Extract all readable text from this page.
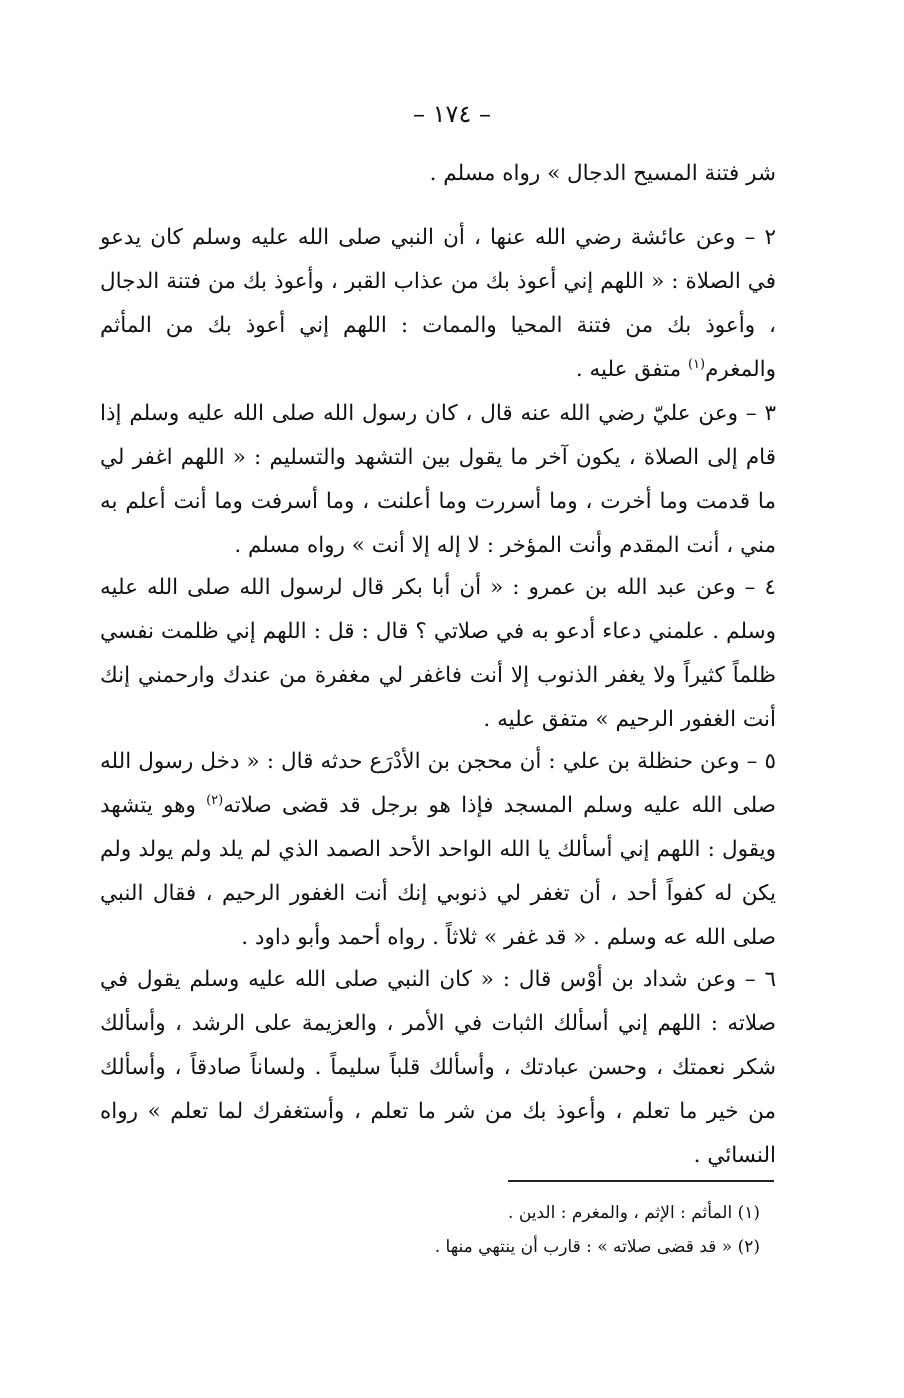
– ١٧٤ –

شر فتنة المسيح الدجال » رواه مسلم .

٢ – وعن عائشة رضي الله عنها ، أن النبي صلى الله عليه وسلم كان يدعو في الصلاة : « اللهم إني أعوذ بك من عذاب القبر ، وأعوذ بك من فتنة الدجال ، وأعوذ بك من فتنة المحيا والممات : اللهم إني أعوذ بك من المأثم والمغرم$^{(١)}$ متفق عليه .

٣ – وعن عليّ رضي الله عنه قال ، كان رسول الله صلى الله عليه وسلم إذا قام إلى الصلاة ، يكون آخر ما يقول بين التشهد والتسليم : « اللهم اغفر لي ما قدمت وما أخرت ، وما أسررت وما أعلنت ، وما أسرفت وما أنت أعلم به مني ، أنت المقدم وأنت المؤخر : لا إله إلا أنت » رواه مسلم .

٤ – وعن عبد الله بن عمرو : « أن أبا بكر قال لرسول الله صلى الله عليه وسلم . علمني دعاء أدعو به في صلاتي ؟ قال : قل : اللهم إني ظلمت نفسي ظلماً كثيراً ولا يغفر الذنوب إلا أنت فاغفر لي مغفرة من عندك وارحمني إنك أنت الغفور الرحيم » متفق عليه .

٥ – وعن حنظلة بن علي : أن محجن بن الأدْرَع حدثه قال : « دخل رسول الله صلى الله عليه وسلم المسجد فإذا هو برجل قد قضى صلاته$^{(٢)}$ وهو يتشهد ويقول : اللهم إني أسألك يا الله الواحد الأحد الصمد الذي لم يلد ولم يولد ولم يكن له كفواً أحد ، أن تغفر لي ذنوبي إنك أنت الغفور الرحيم ، فقال النبي صلى الله عه وسلم . « قد غفر » ثلاثاً . رواه أحمد وأبو داود .

٦ – وعن شداد بن أوْس قال : « كان النبي صلى الله عليه وسلم يقول في صلاته : اللهم إني أسألك الثبات في الأمر ، والعزيمة على الرشد ، وأسألك شكر نعمتك ، وحسن عبادتك ، وأسألك قلباً سليماً . ولساناً صادقاً ، وأسألك من خير ما تعلم ، وأعوذ بك من شر ما تعلم ، وأستغفرك لما تعلم » رواه النسائي .

(١) المأثم : الإثم ، والمغرم : الدين .

(٢) « قد قضى صلاته » : قارب أن ينتهي منها .
